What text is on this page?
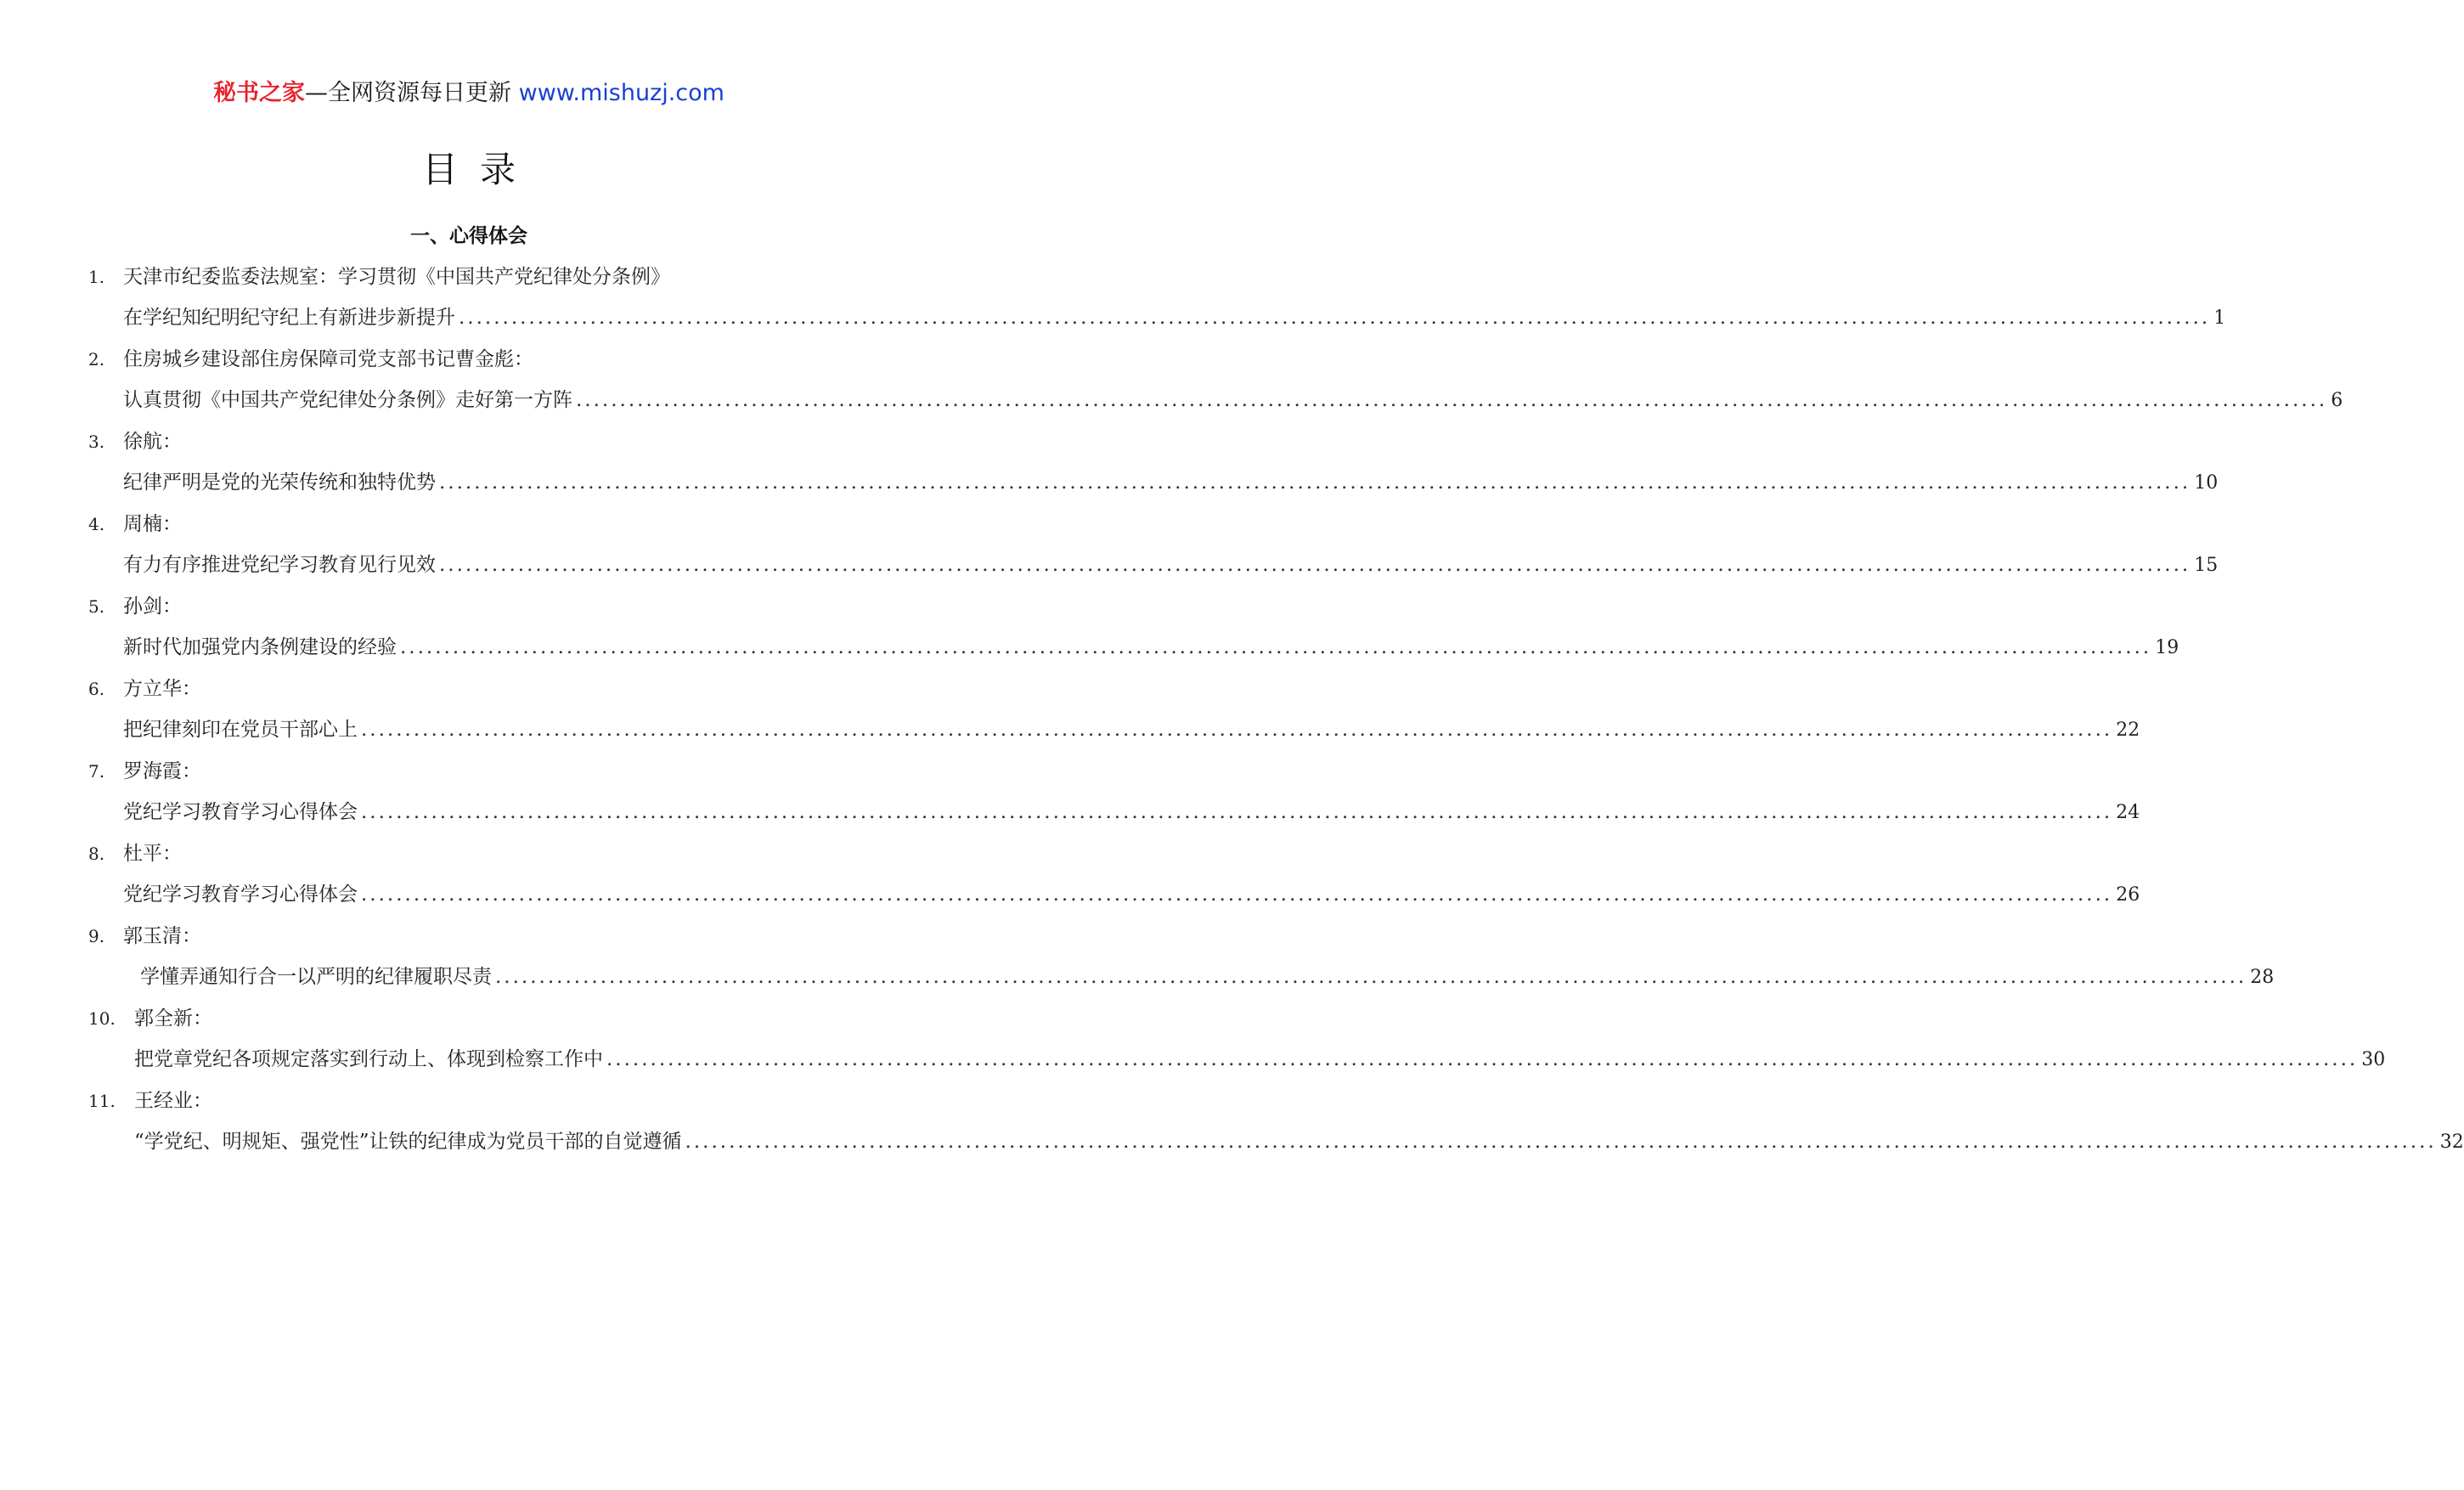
秘书之家—全网资源每日更新 www.mishuzj.com
目录
一、心得体会
1. 天津市纪委监委法规室：学习贯彻《中国共产党纪律处分条例》
在学纪知纪明纪守纪上有新进步新提升 ........................................................................................................................................................................................................ 1
2. 住房城乡建设部住房保障司党支部书记曹金彪：
认真贯彻《中国共产党纪律处分条例》走好第一方阵 ........................................................................................................................................................................................................ 6
3. 徐航：
纪律严明是党的光荣传统和独特优势 ........................................................................................................................................................................................................ 10
4. 周楠：
有力有序推进党纪学习教育见行见效 ........................................................................................................................................................................................................ 15
5. 孙剑：
新时代加强党内条例建设的经验 ........................................................................................................................................................................................................ 19
6. 方立华：
把纪律刻印在党员干部心上 ........................................................................................................................................................................................................ 22
7. 罗海霞：
党纪学习教育学习心得体会 ........................................................................................................................................................................................................ 24
8. 杜平：
党纪学习教育学习心得体会 ........................................................................................................................................................................................................ 26
9. 郭玉清：
学懂弄通知行合一以严明的纪律履职尽责 ........................................................................................................................................................................................................ 28
10. 郭全新：
把党章党纪各项规定落实到行动上、体现到检察工作中 ........................................................................................................................................................................................................ 30
11. 王经业：
“学党纪、明规矩、强党性”让铁的纪律成为党员干部的自觉遵循 ........................................................................................................................................................................................................ 32
